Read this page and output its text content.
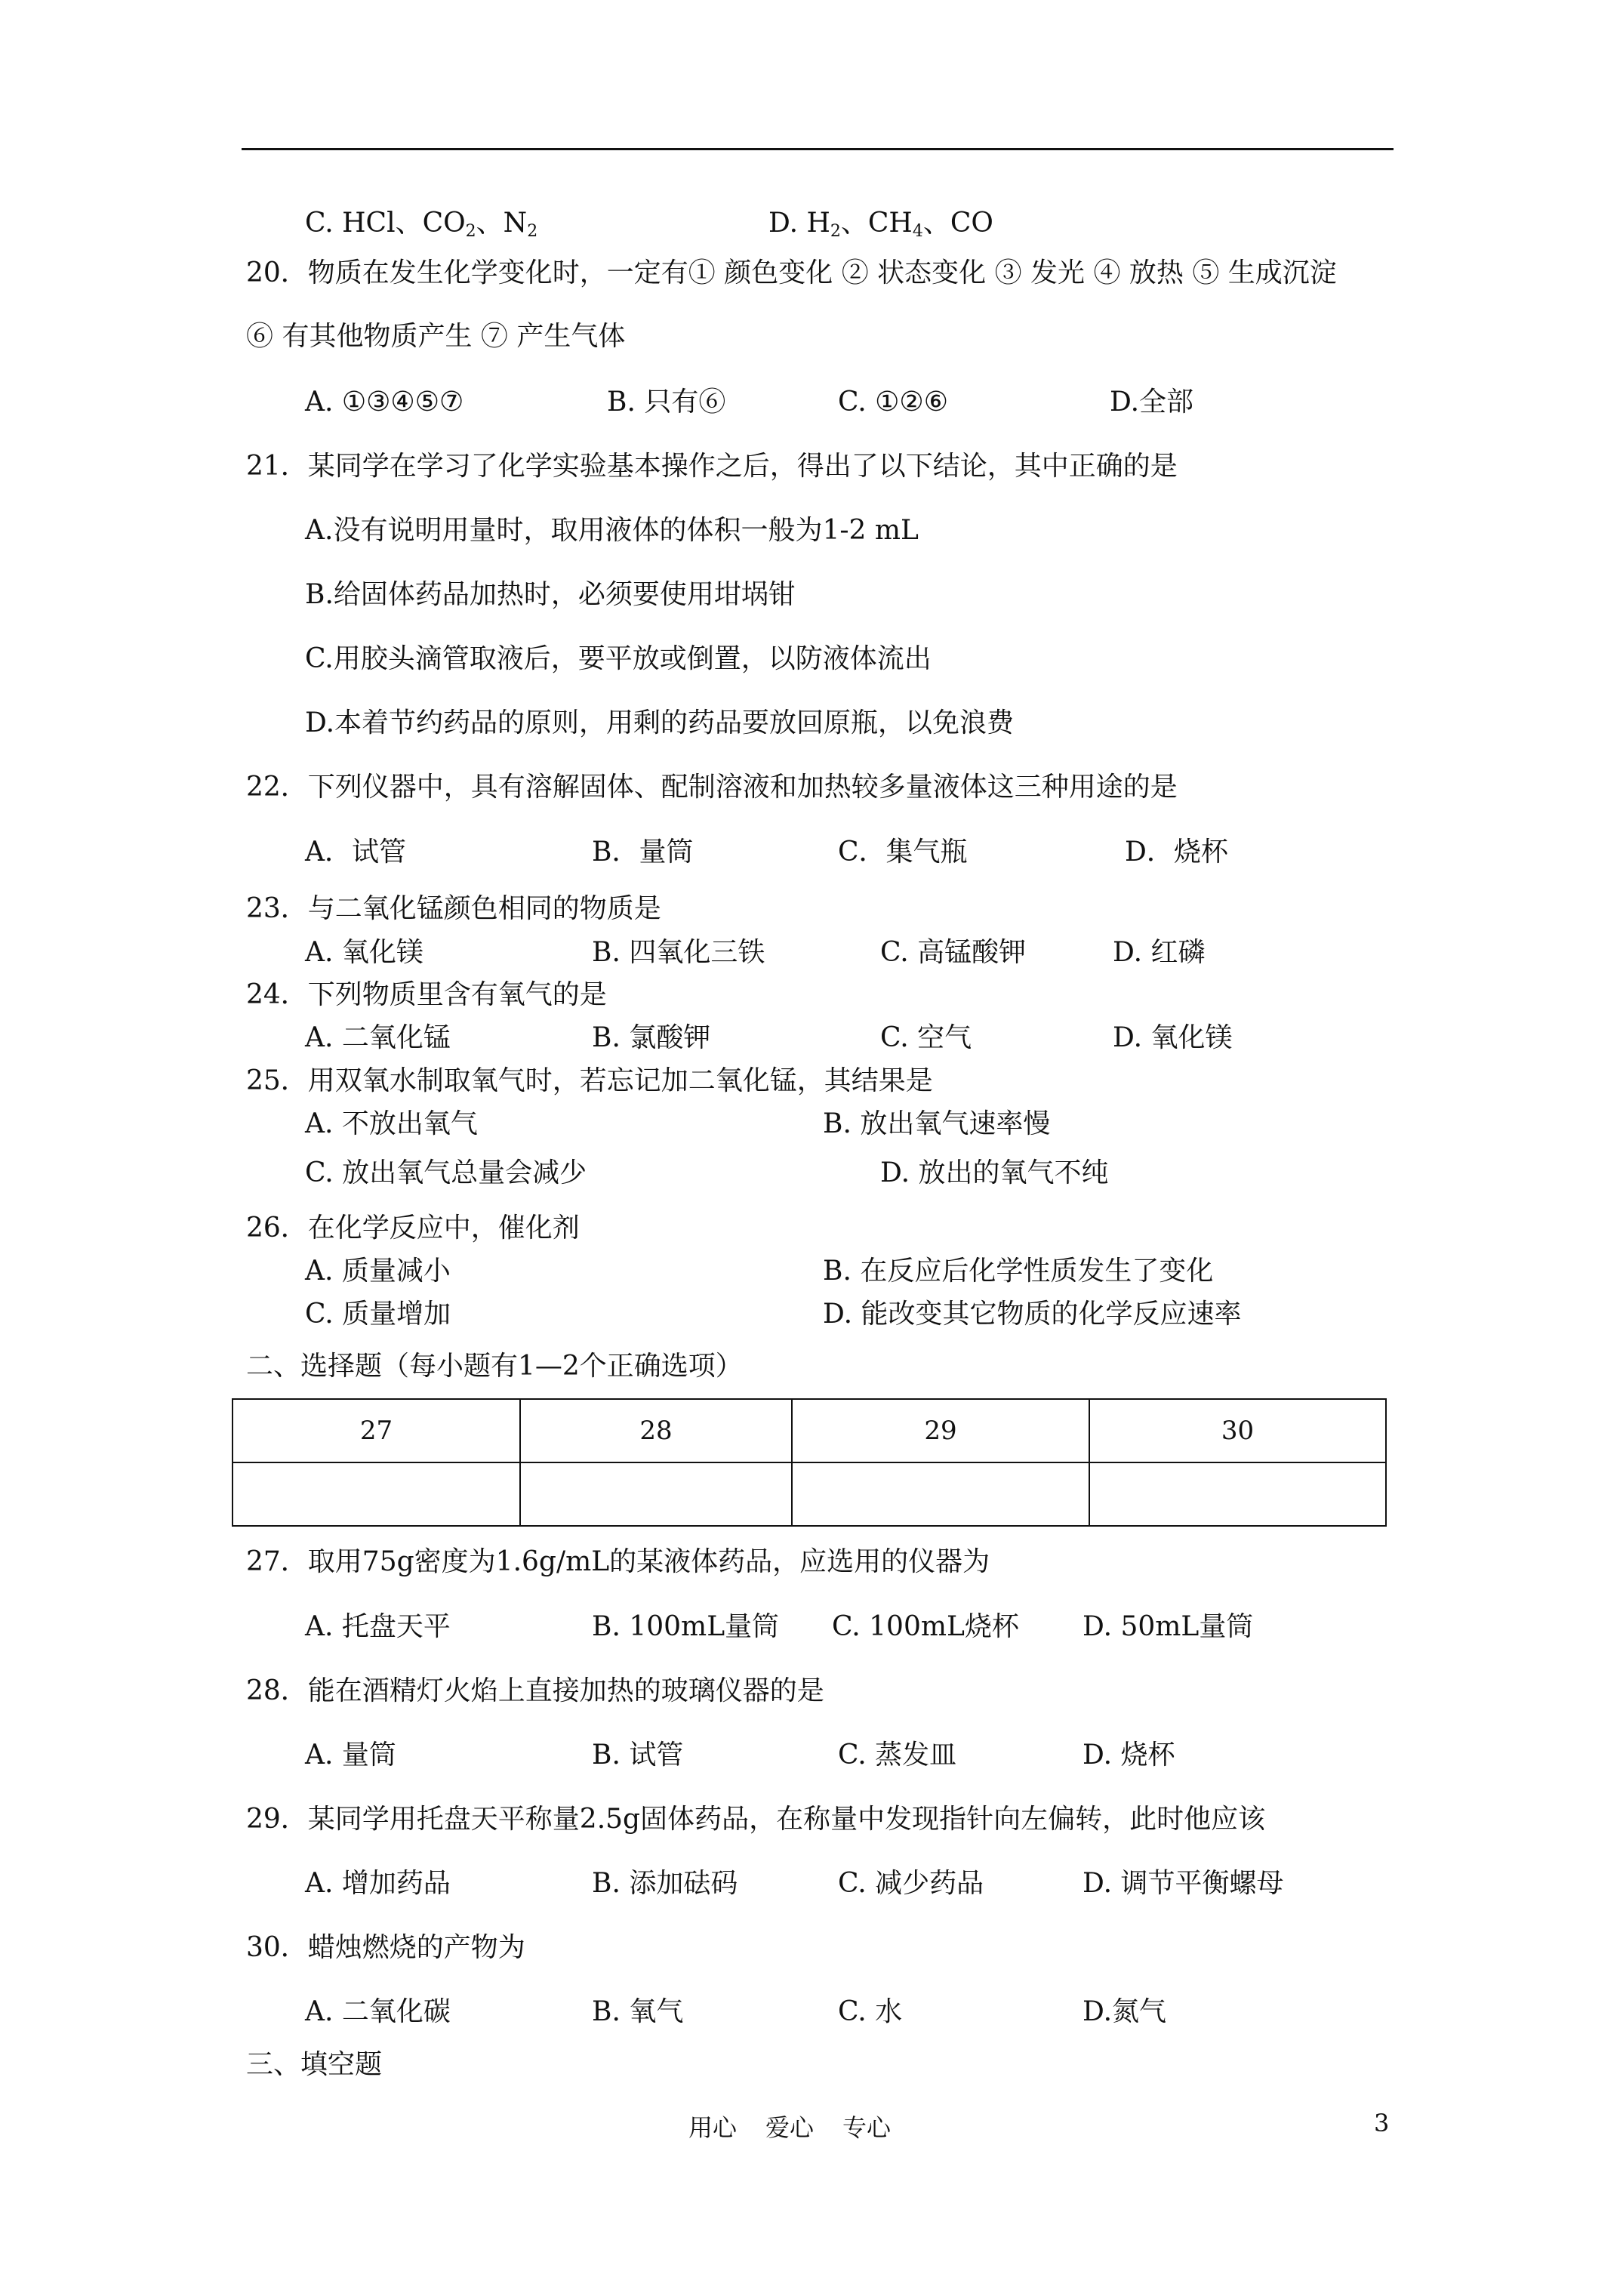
C. HCl、$CO_2$、$N_2$	D. $H_2$、$CH_4$、CO
20．物质在发生化学变化时，一定有① 颜色变化 ② 状态变化 ③ 发光 ④ 放热 ⑤ 生成沉淀
⑥ 有其他物质产生 ⑦ 产生气体
A. ①③④⑤⑦	B. 只有⑥	C. ①②⑥	D.全部
21．某同学在学习了化学实验基本操作之后，得出了以下结论，其中正确的是
A.没有说明用量时，取用液体的体积一般为1-2 mL
B.给固体药品加热时，必须要使用坩埚钳
C.用胶头滴管取液后，要平放或倒置，以防液体流出
D.本着节约药品的原则，用剩的药品要放回原瓶，以免浪费
22．下列仪器中，具有溶解固体、配制溶液和加热较多量液体这三种用途的是
A．试管	B．量筒	C．集气瓶	D．烧杯
23．与二氧化锰颜色相同的物质是
A. 氧化镁	B. 四氧化三铁	C. 高锰酸钾	D. 红磷
24．下列物质里含有氧气的是
A. 二氧化锰	B. 氯酸钾	C. 空气	D. 氧化镁
25．用双氧水制取氧气时，若忘记加二氧化锰，其结果是
A. 不放出氧气	B. 放出氧气速率慢
C. 放出氧气总量会减少	D. 放出的氧气不纯
26．在化学反应中，催化剂
A. 质量减小	B. 在反应后化学性质发生了变化
C. 质量增加	D. 能改变其它物质的化学反应速率
二、选择题（每小题有1—2个正确选项）
27	28	29	30

27．取用75g密度为1.6g/mL的某液体药品，应选用的仪器为
A. 托盘天平	B. 100mL量筒 C. 100mL烧杯 D. 50mL量筒
28．能在酒精灯火焰上直接加热的玻璃仪器的是
A. 量筒	B. 试管	C. 蒸发皿	D. 烧杯
29．某同学用托盘天平称量2.5g固体药品，在称量中发现指针向左偏转，此时他应该
A. 增加药品	B. 添加砝码	C. 减少药品	D. 调节平衡螺母
30．蜡烛燃烧的产物为
A. 二氧化碳	B. 氧气	C. 水	D.氮气
三、填空题
用心 爱心 专心	3
